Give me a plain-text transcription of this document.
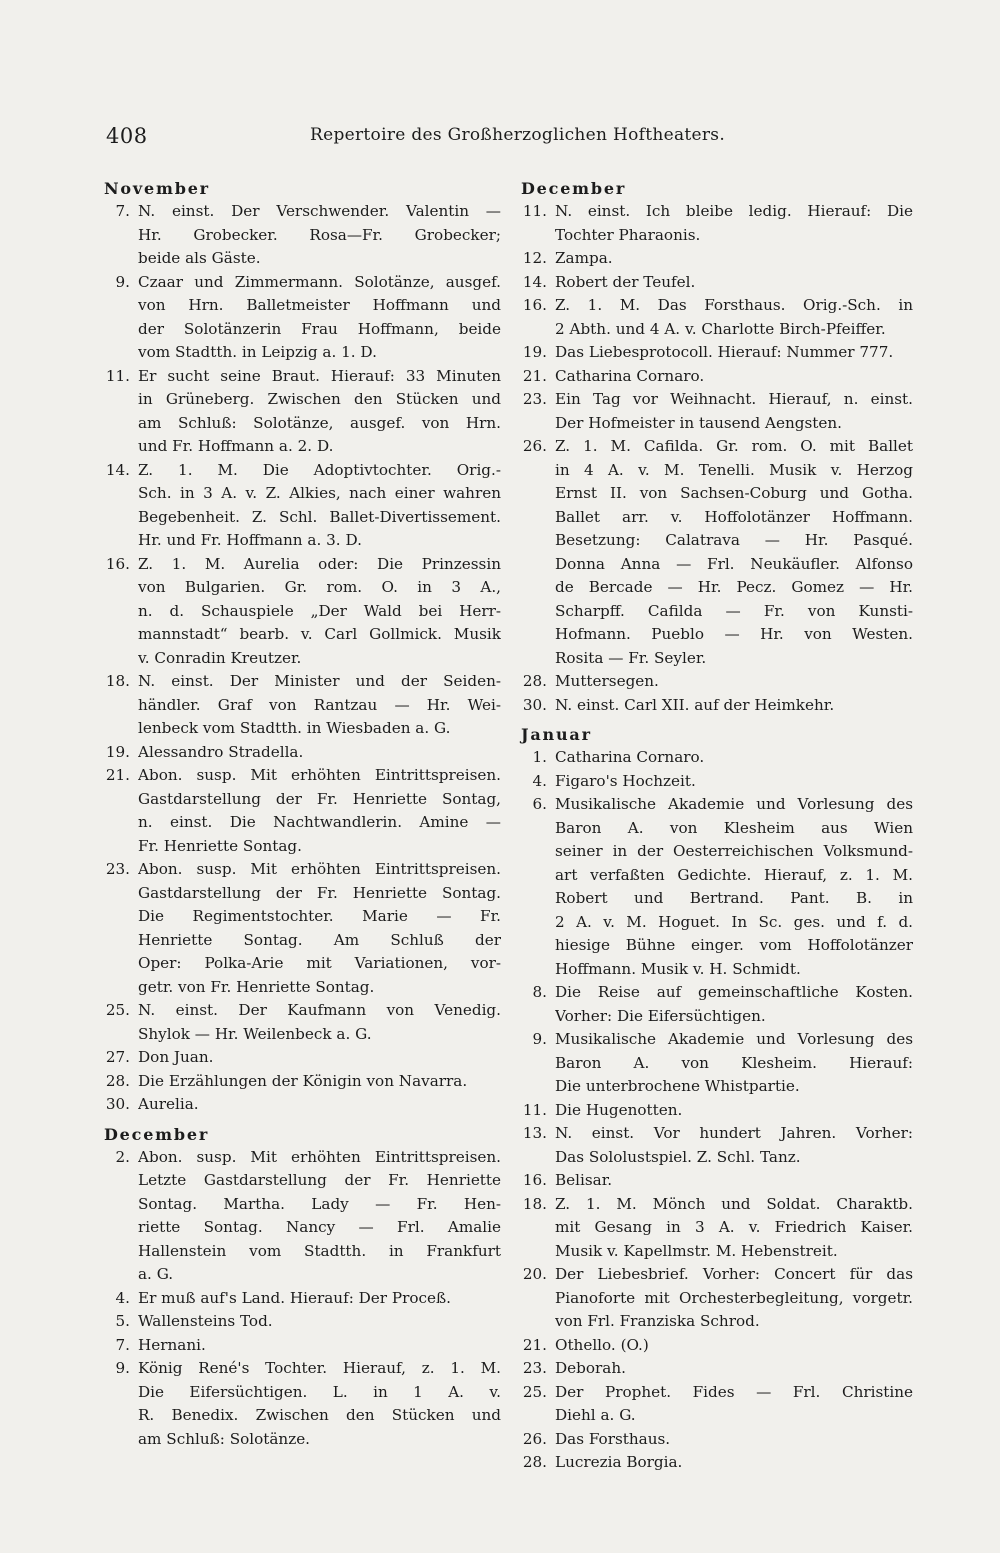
408	Repertoire des Großherzoglichen Hoftheaters.
November
7. N. einst. Der Verschwender. Valentin —
Hr. Grobecker. Rosa—Fr. Grobecker;
beide als Gäste.
9. Czaar und Zimmermann. Solotänze, ausgef.
von Hrn. Balletmeister Hoffmann und
der Solotänzerin Frau Hoffmann, beide
vom Stadtth. in Leipzig a. 1. D.
11. Er sucht seine Braut. Hierauf: 33 Minuten
in Grüneberg. Zwischen den Stücken und
am Schluß: Solotänze, ausgef. von Hrn.
und Fr. Hoffmann a. 2. D.
14. Z. 1. M. Die Adoptivtochter. Orig.-
Sch. in 3 A. v. Z. Alkies, nach einer wahren
Begebenheit. Z. Schl. Ballet-Divertissement.
Hr. und Fr. Hoffmann a. 3. D.
16. Z. 1. M. Aurelia oder: Die Prinzessin
von Bulgarien. Gr. rom. O. in 3 A.,
n. d. Schauspiele „Der Wald bei Herr-
mannstadt“ bearb. v. Carl Gollmick. Musik
v. Conradin Kreutzer.
18. N. einst. Der Minister und der Seiden-
händler. Graf von Rantzau — Hr. Wei-
lenbeck vom Stadtth. in Wiesbaden a. G.
19. Alessandro Stradella.
21. Abon. susp. Mit erhöhten Eintrittspreisen.
Gastdarstellung der Fr. Henriette Sontag,
n. einst. Die Nachtwandlerin. Amine —
Fr. Henriette Sontag.
23. Abon. susp. Mit erhöhten Eintrittspreisen.
Gastdarstellung der Fr. Henriette Sontag.
Die Regimentstochter. Marie — Fr.
Henriette Sontag. Am Schluß der
Oper: Polka-Arie mit Variationen, vor-
getr. von Fr. Henriette Sontag.
25. N. einst. Der Kaufmann von Venedig.
Shylok — Hr. Weilenbeck a. G.
27. Don Juan.
28. Die Erzählungen der Königin von Navarra.
30. Aurelia.
December
2. Abon. susp. Mit erhöhten Eintrittspreisen.
Letzte Gastdarstellung der Fr. Henriette
Sontag. Martha. Lady — Fr. Hen-
riette Sontag. Nancy — Frl. Amalie
Hallenstein vom Stadtth. in Frankfurt
a. G.
4. Er muß auf's Land. Hierauf: Der Proceß.
5. Wallensteins Tod.
7. Hernani.
9. König René's Tochter. Hierauf, z. 1. M.
Die Eifersüchtigen. L. in 1 A. v.
R. Benedix. Zwischen den Stücken und
am Schluß: Solotänze.
December
11. N. einst. Ich bleibe ledig. Hierauf: Die
Tochter Pharaonis.
12. Zampa.
14. Robert der Teufel.
16. Z. 1. M. Das Forsthaus. Orig.-Sch. in
2 Abth. und 4 A. v. Charlotte Birch-Pfeiffer.
19. Das Liebesprotocoll. Hierauf: Nummer 777.
21. Catharina Cornaro.
23. Ein Tag vor Weihnacht. Hierauf, n. einst.
Der Hofmeister in tausend Aengsten.
26. Z. 1. M. Cafilda. Gr. rom. O. mit Ballet
in 4 A. v. M. Tenelli. Musik v. Herzog
Ernst II. von Sachsen-Coburg und Gotha.
Ballet arr. v. Hoffolotänzer Hoffmann.
Besetzung: Calatrava — Hr. Pasqué.
Donna Anna — Frl. Neukäufler. Alfonso
de Bercade — Hr. Pecz. Gomez — Hr.
Scharpff. Cafilda — Fr. von Kunsti-
Hofmann. Pueblo — Hr. von Westen.
Rosita — Fr. Seyler.
28. Muttersegen.
30. N. einst. Carl XII. auf der Heimkehr.
Januar
1. Catharina Cornaro.
4. Figaro's Hochzeit.
6. Musikalische Akademie und Vorlesung des
Baron A. von Klesheim aus Wien
seiner in der Oesterreichischen Volksmund-
art verfaßten Gedichte. Hierauf, z. 1. M.
Robert und Bertrand. Pant. B. in
2 A. v. M. Hoguet. In Sc. ges. und f. d.
hiesige Bühne einger. vom Hoffolotänzer
Hoffmann. Musik v. H. Schmidt.
8. Die Reise auf gemeinschaftliche Kosten.
Vorher: Die Eifersüchtigen.
9. Musikalische Akademie und Vorlesung des
Baron A. von Klesheim. Hierauf:
Die unterbrochene Whistpartie.
11. Die Hugenotten.
13. N. einst. Vor hundert Jahren. Vorher:
Das Sololustspiel. Z. Schl. Tanz.
16. Belisar.
18. Z. 1. M. Mönch und Soldat. Charaktb.
mit Gesang in 3 A. v. Friedrich Kaiser.
Musik v. Kapellmstr. M. Hebenstreit.
20. Der Liebesbrief. Vorher: Concert für das
Pianoforte mit Orchesterbegleitung, vorgetr.
von Frl. Franziska Schrod.
21. Othello. (O.)
23. Deborah.
25. Der Prophet. Fides — Frl. Christine
Diehl a. G.
26. Das Forsthaus.
28. Lucrezia Borgia.
